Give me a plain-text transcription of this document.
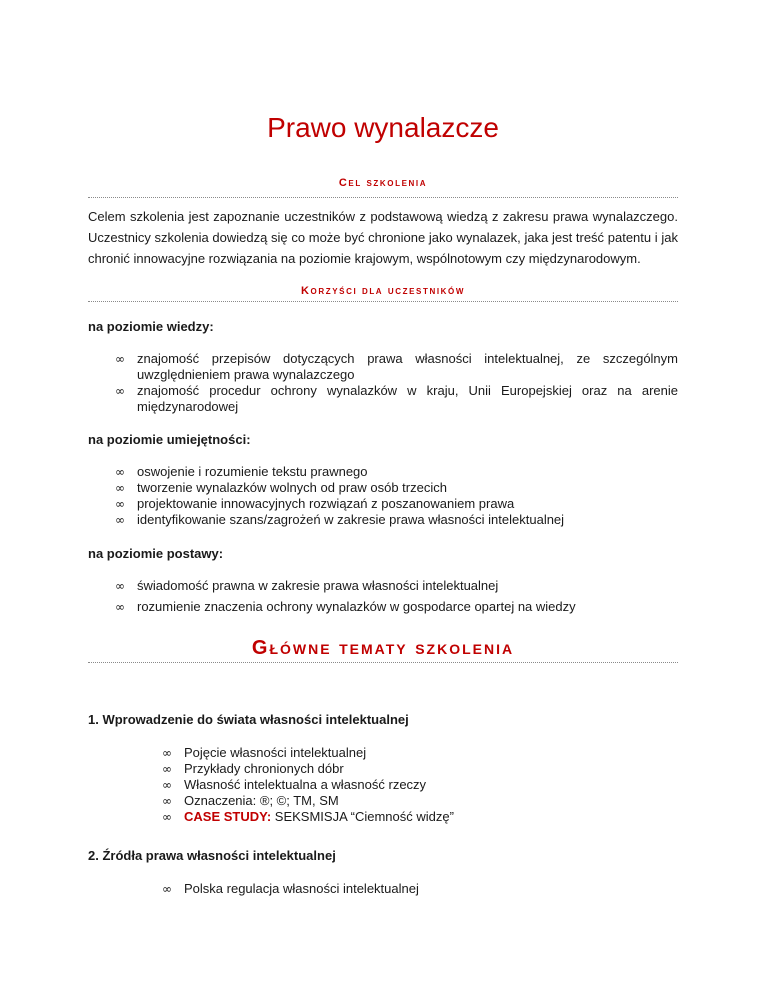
Prawo wynalazcze
Cel szkolenia

Celem szkolenia jest zapoznanie uczestników z podstawową wiedzą z zakresu prawa wynalazczego. Uczestnicy szkolenia dowiedzą się co może być chronione jako wynalazek, jaka jest treść patentu i jak chronić innowacyjne rozwiązania na poziomie krajowym, wspólnotowym czy międzynarodowym.

Korzyści dla uczestników

na poziomie wiedzy:

∞ znajomość przepisów dotyczących prawa własności intelektualnej, ze szczególnym uwzględnieniem prawa wynalazczego
∞ znajomość procedur ochrony wynalazków w kraju, Unii Europejskiej oraz na arenie międzynarodowej

na poziomie umiejętności:

∞ oswojenie i rozumienie tekstu prawnego
∞ tworzenie wynalazków wolnych od praw osób trzecich
∞ projektowanie innowacyjnych rozwiązań z poszanowaniem prawa
∞ identyfikowanie szans/zagrożeń w zakresie prawa własności intelektualnej

na poziomie postawy:

∞ świadomość prawna w zakresie prawa własności intelektualnej
∞ rozumienie znaczenia ochrony wynalazków w gospodarce opartej na wiedzy
Główne tematy szkolenia

1. Wprowadzenie do świata własności intelektualnej

∞ Pojęcie własności intelektualnej
∞ Przykłady chronionych dóbr
∞ Własność intelektualna a własność rzeczy
∞ Oznaczenia: ®; ©; TM, SM
∞ CASE STUDY: SEKSMISJA “Ciemność widzę”

2. Źródła prawa własności intelektualnej

∞ Polska regulacja własności intelektualnej
